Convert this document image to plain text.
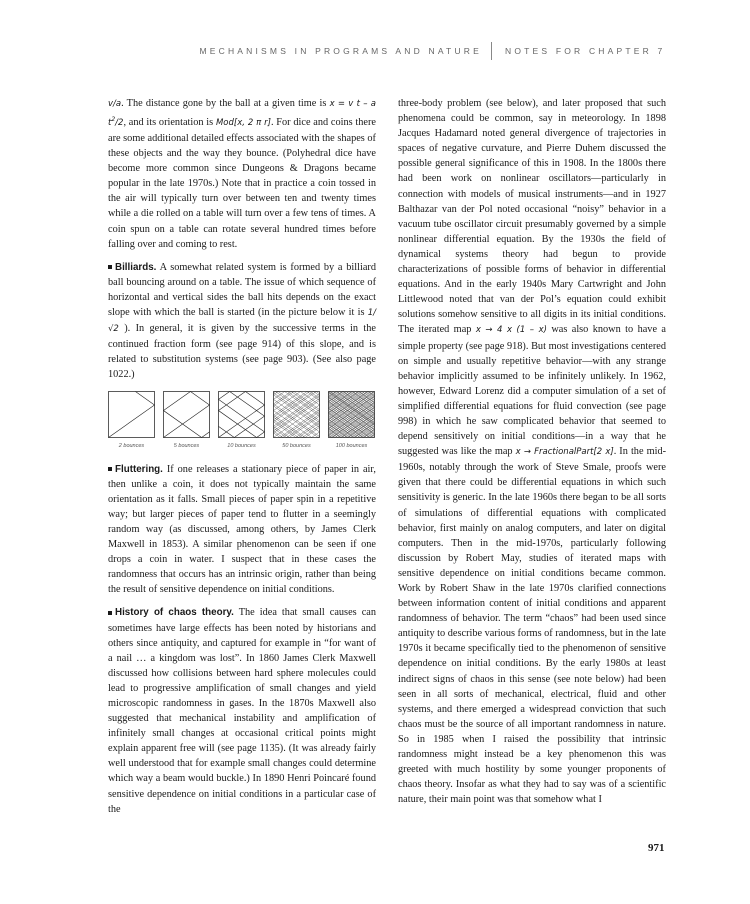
MECHANISMS IN PROGRAMS AND NATURE	NOTES FOR CHAPTER 7

v/a. The distance gone by the ball at a given time is x = v t – a $t^2/2$, and its orientation is Mod[x, 2 π r]. For dice and coins there are some additional detailed effects associated with the shapes of these objects and the way they bounce. (Polyhedral dice have become more common since Dungeons & Dragons became popular in the late 1970s.) Note that in practice a coin tossed in the air will typically turn over between ten and twenty times while a die rolled on a table will turn over a few tens of times. A coin spun on a table can rotate several hundred times before falling over and coming to rest.

Billiards. A somewhat related system is formed by a billiard ball bouncing around on a table. The issue of which sequence of horizontal and vertical sides the ball hits depends on the exact slope with which the ball is started (in the picture below it is 1/√2 ). In general, it is given by the successive terms in the continued fraction form (see page 914) of this slope, and is related to substitution systems (see page 903). (See also page 1022.)

2 bounces	5 bounces	10 bounces	50 bounces	100 bounces

Fluttering. If one releases a stationary piece of paper in air, then unlike a coin, it does not typically maintain the same orientation as it falls. Small pieces of paper spin in a repetitive way; but larger pieces of paper tend to flutter in a seemingly random way (as discussed, among others, by James Clerk Maxwell in 1853). A similar phenomenon can be seen if one drops a coin in water. I suspect that in these cases the randomness that occurs has an intrinsic origin, rather than being the result of sensitive dependence on initial conditions.

History of chaos theory. The idea that small causes can sometimes have large effects has been noted by historians and others since antiquity, and captured for example in “for want of a nail … a kingdom was lost”. In 1860 James Clerk Maxwell discussed how collisions between hard sphere molecules could lead to progressive amplification of small changes and yield microscopic randomness in gases. In the 1870s Maxwell also suggested that mechanical instability and amplification of infinitely small changes at occasional critical points might explain apparent free will (see page 1135). (It was already fairly well understood that for example small changes could determine which way a beam would buckle.) In 1890 Henri Poincaré found sensitive dependence on initial conditions in a particular case of the

three-body problem (see below), and later proposed that such phenomena could be common, say in meteorology. In 1898 Jacques Hadamard noted general divergence of trajectories in spaces of negative curvature, and Pierre Duhem discussed the possible general significance of this in 1908. In the 1800s there had been work on nonlinear oscillators—particularly in connection with models of musical instruments—and in 1927 Balthazar van der Pol noted occasional “noisy” behavior in a vacuum tube oscillator circuit presumably governed by a simple nonlinear differential equation. By the 1930s the field of dynamical systems theory had begun to provide characterizations of possible forms of behavior in differential equations. And in the early 1940s Mary Cartwright and John Littlewood noted that van der Pol’s equation could exhibit solutions somehow sensitive to all digits in its initial conditions. The iterated map x → 4 x (1 – x) was also known to have a simple property (see page 918). But most investigations centered on simple and usually repetitive behavior—with any strange behavior implicitly assumed to be infinitely unlikely. In 1962, however, Edward Lorenz did a computer simulation of a set of simplified differential equations for fluid convection (see page 998) in which he saw complicated behavior that seemed to depend sensitively on initial conditions—in a way that he suggested was like the map x → FractionalPart[2 x]. In the mid-1960s, notably through the work of Steve Smale, proofs were given that there could be differential equations in which such sensitivity is generic. In the late 1960s there began to be all sorts of simulations of differential equations with complicated behavior, first mainly on analog computers, and later on digital computers. Then in the mid-1970s, particularly following discussion by Robert May, studies of iterated maps with sensitive dependence on initial conditions became common. Work by Robert Shaw in the late 1970s clarified connections between information content of initial conditions and apparent randomness of behavior. The term “chaos” had been used since antiquity to describe various forms of randomness, but in the late 1970s it became specifically tied to the phenomenon of sensitive dependence on initial conditions. By the early 1980s at least indirect signs of chaos in this sense (see note below) had been seen in all sorts of mechanical, electrical, fluid and other systems, and there emerged a widespread conviction that such chaos must be the source of all important randomness in nature. So in 1985 when I raised the possibility that intrinsic randomness might instead be a key phenomenon this was greeted with much hostility by some younger proponents of chaos theory. Insofar as what they had to say was of a scientific nature, their main point was that somehow what I

971
